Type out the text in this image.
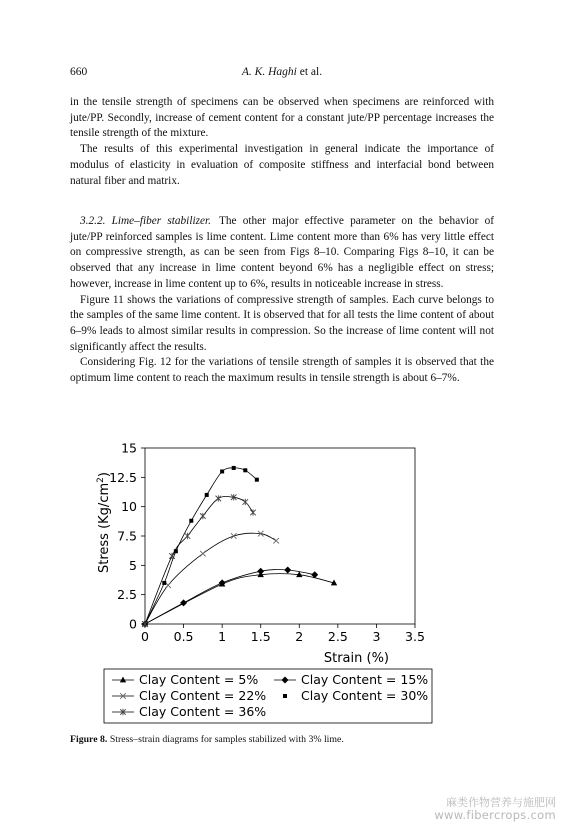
660	A. K. Haghi et al.

in the tensile strength of specimens can be observed when specimens are reinforced with jute/PP. Secondly, increase of cement content for a constant jute/PP percentage increases the tensile strength of the mixture.

The results of this experimental investigation in general indicate the importance of modulus of elasticity in evaluation of composite stiffness and interfacial bond between natural fiber and matrix.

3.2.2. Lime–fiber stabilizer. The other major effective parameter on the behavior of jute/PP reinforced samples is lime content. Lime content more than 6% has very little effect on compressive strength, as can be seen from Figs 8–10. Comparing Figs 8–10, it can be observed that any increase in lime content beyond 6% has a negligible effect on stress; however, increase in lime content up to 6%, results in noticeable increase in stress.

Figure 11 shows the variations of compressive strength of samples. Each curve belongs to the samples of the same lime content. It is observed that for all tests the lime content of about 6–9% leads to almost similar results in compression. So the increase of lime content will not significantly affect the results.

Considering Fig. 12 for the variations of tensile strength of samples it is observed that the optimum lime content to reach the maximum results in tensile strength is about 6–7%.

0 0.5 1 1.5 2 2.5 3 3.5
0
2.5
5
7.5
10
12.5
15
Stress $(Kg/cm^2)$
Strain (%)
Clay Content = 5%	Clay Content = 15%
Clay Content = 22%	Clay Content = 30%
Clay Content = 36%
Figure 8. Stress–strain diagrams for samples stabilized with 3% lime.
麻类作物营养与施肥网
www.fibercrops.com
